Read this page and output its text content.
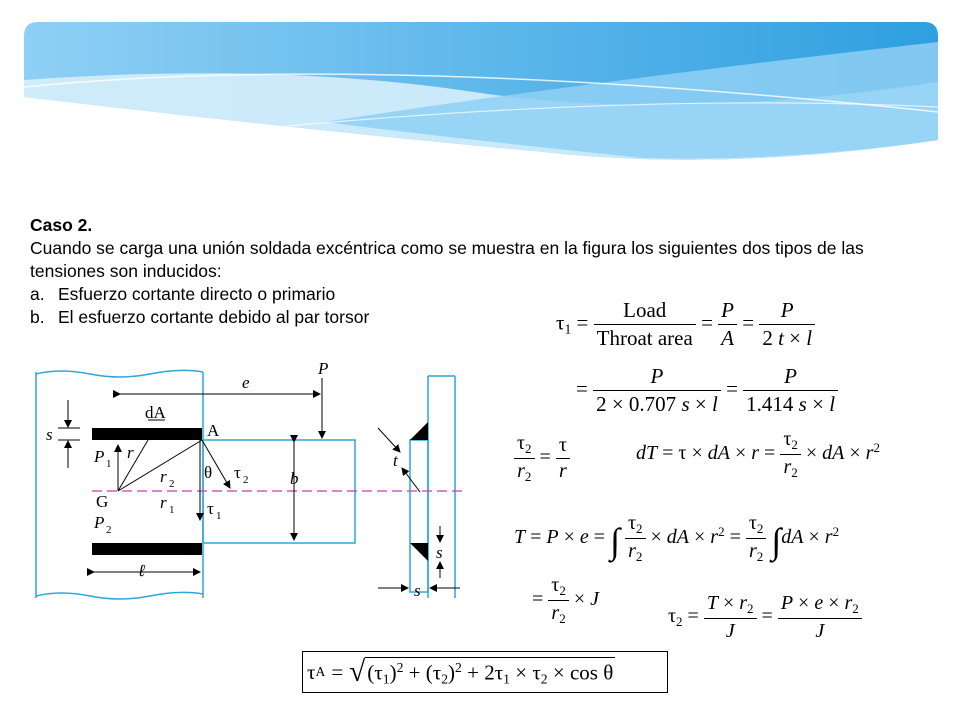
Caso 2.
Cuando se carga una unión soldada excéntrica como se muestra en la figura los siguientes dos tipos de las tensiones son inducidos:
a. Esfuerzo cortante directo o primario
b. El esfuerzo cortante debido al par torsor
P
e
dA
A
s
P 1
r
r 2
θ τ 2 b
G	r 1 τ 1
P 2
ℓ
t
s
s
$\tau_1 = \frac{\text{Load}}{\text{Throat area}} = \frac{P}{A} = \frac{P}{2 t \times l}$
= $\frac{P}{2 \times 0.707 s \times l} = \frac{P}{1.414 s \times l}$
$\frac{\tau_2}{r_2} = \frac{\tau}{r}$	dT = τ × dA × $r = \frac{\tau_2}{r_2}$ × dA × $r^2$
T = P × e = ∫ $\frac{\tau_2}{r_2}$ × dA × $r^2 = \frac{\tau_2}{r_2} \int dA \times r^2$
= $\frac{\tau_2}{r_2} \times J$
$\tau_2 = \frac{T \times r_2}{J} = \frac{P \times e \times r_2}{J}$
τ A = √ $(\tau_1)^2 + (\tau_2)^2 + 2\tau_1 \times \tau_2 \times \cos \theta$
